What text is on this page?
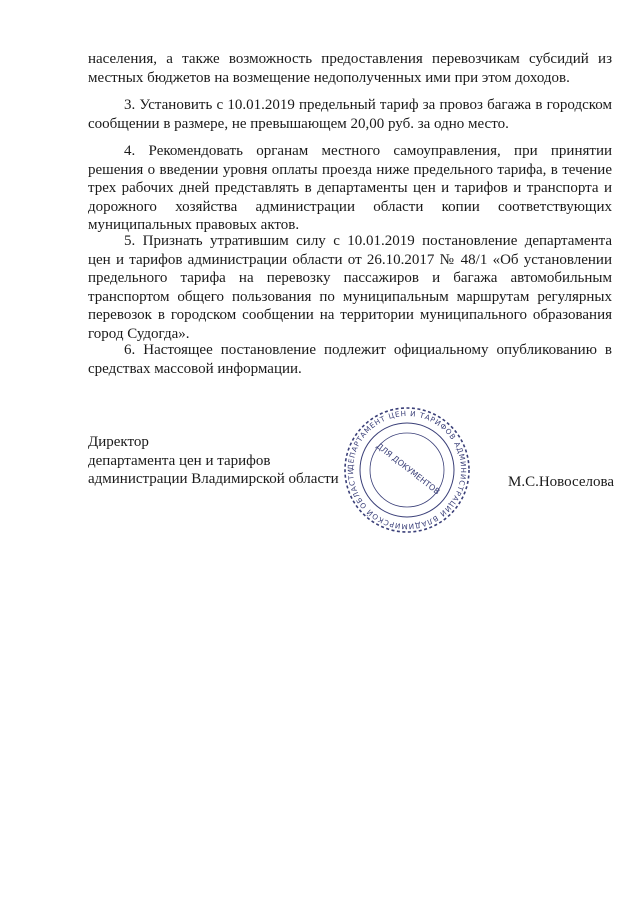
населения, а также возможность предоставления перевозчикам субсидий из местных бюджетов на возмещение недополученных ими при этом доходов.

3. Установить с 10.01.2019 предельный тариф за провоз багажа в городском сообщении в размере, не превышающем 20,00 руб. за одно место.

4. Рекомендовать органам местного самоуправления, при принятии решения о введении уровня оплаты проезда ниже предельного тарифа, в течение трех рабочих дней представлять в департаменты цен и тарифов и транспорта и дорожного хозяйства администрации области копии соответствующих муниципальных правовых актов.

5. Признать утратившим силу с 10.01.2019 постановление департамента цен и тарифов администрации области от 26.10.2017 № 48/1 «Об установлении предельного тарифа на перевозку пассажиров и багажа автомобильным транспортом общего пользования по муниципальным маршрутам регулярных перевозок в городском сообщении на территории муниципального образования город Судогда».

6. Настоящее постановление подлежит официальному опубликованию в средствах массовой информации.

Директор
департамента цен и тарифов
администрации Владимирской области
ДЕПАРТАМЕНТ ЦЕН И ТАРИФОВ АДМИНИСТРАЦИИ ВЛАДИМИРСКОЙ ОБЛАСТИ	ДЛЯ ДОКУМЕНТОВ	М.С.Новоселова
